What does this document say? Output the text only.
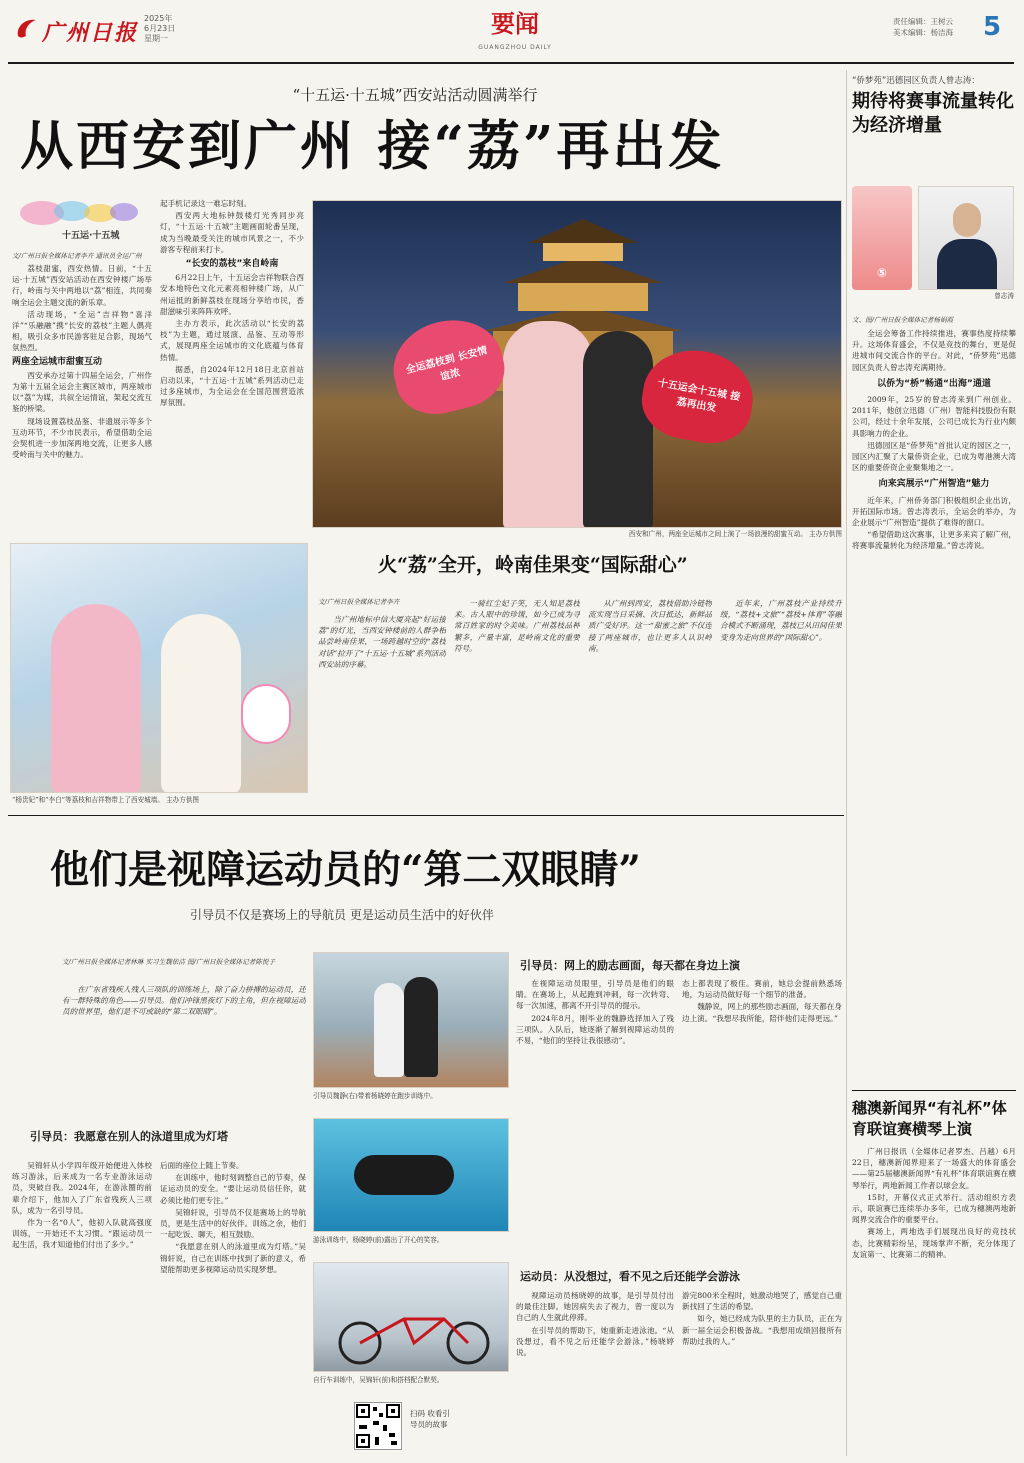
广州日报
2025年
6月23日
星期一
要闻
GUANGZHOU DAILY
责任编辑：王树云
美术编辑：杨洁海 5
“十五运·十五城”西安站活动圆满举行
从西安到广州 接“荔”再出发
十五运·十五城
文/广州日报全媒体记者李卉 通讯员全运广州

荔枝甜蜜，西安热情。日前，“十五运·十五城”西安站活动在西安钟楼广场举行，岭南与关中两地以“荔”相连，共同奏响全运会主题交流的新乐章。

活动现场，“全运”吉祥物“喜洋洋”“乐融融”携“长安的荔枝”主题人偶亮相，吸引众多市民游客驻足合影，现场气氛热烈。

两座全运城市甜蜜互动

西安承办过第十四届全运会，广州作为第十五届全运会主赛区城市，两座城市以“荔”为媒，共叙全运情谊，架起交流互鉴的桥梁。

现场设置荔枝品鉴、非遗展示等多个互动环节，不少市民表示，希望借助全运会契机进一步加深两地交流，让更多人感受岭南与关中的魅力。

起手机记录这一难忘时刻。

西安两大地标钟鼓楼灯光秀同步亮灯，“十五运·十五城”主题画面轮番呈现，成为当晚最受关注的城市风景之一，不少游客专程前来打卡。

“长安的荔枝”来自岭南

6月22日上午，十五运会吉祥物联合西安本地特色文化元素亮相钟楼广场，从广州运抵的新鲜荔枝在现场分享给市民，香甜滋味引来阵阵欢呼。

主办方表示，此次活动以“长安的荔枝”为主题，通过展演、品鉴、互动等形式，展现两座全运城市的文化底蕴与体育热情。

据悉，自2024年12月18日北京首站启动以来，“十五运·十五城”系列活动已走过多座城市，为全运会在全国范围营造浓厚氛围。

全运荔枝到 长安情谊浓
十五运会十五城 接荔再出发
西安和广州，两座全运城市之间上演了一场浪漫的甜蜜互动。 主办方供图
“杨贵妃”和“李白”等荔枝和吉祥物带上了西安城墙。 主办方供图
火“荔”全开，岭南佳果变“国际甜心”
文/广州日报全媒体记者李卉

当广州地标中信大厦亮起“好运接荔”的灯光，当西安钟楼前的人群争相品尝岭南佳果，一场跨越时空的“荔枝对话”拉开了“十五运·十五城”系列活动西安站的序幕。

一骑红尘妃子笑，无人知是荔枝来。古人眼中的珍馐，如今已成为寻常百姓家的时令美味。广州荔枝品种繁多，产量丰富，是岭南文化的重要符号。

从广州到西安，荔枝借助冷链物流实现当日采摘、次日抵达，新鲜品质广受好评。这一“甜蜜之旅”不仅连接了两座城市，也让更多人认识岭南。

近年来，广州荔枝产业持续升级，“荔枝+文旅”“荔枝+体育”等融合模式不断涌现，荔枝已从田间佳果变身为走向世界的“国际甜心”。

他们是视障运动员的“第二双眼睛”
引导员不仅是赛场上的导航员 更是运动员生活中的好伙伴
文/广州日报全媒体记者林琳 实习生魏依洁 图/广州日报全媒体记者陈悦子

在广东省残疾人残人三项队的训练场上，除了奋力拼搏的运动员，还有一群特殊的角色——引导员。他们冲锋黑夜灯下的主角，但在视障运动员的世界里，他们是不可或缺的“第二双眼睛”。

引导员：我愿意在别人的泳道里成为灯塔

吴锦轩从小学四年级开始便进入体校练习游泳，后来成为一名专业游泳运动员，突破自我。2024年，在游泳圈的前辈介绍下，他加入了广东省残疾人三项队，成为一名引导员。

作为一名“0人”，他初入队就高强度训练，一开始还不太习惯。“跟运动员一起生活，我才知道他们付出了多少。”

后面的座位上随上节奏。

在训练中，他时刻调整自己的节奏，保证运动员的安全。“要让运动员信任你，就必须比他们更专注。”

吴锦轩说，引导员不仅是赛场上的导航员，更是生活中的好伙伴。训练之余，他们一起吃饭、聊天，相互鼓励。

“我愿意在别人的泳道里成为灯塔。”吴锦轩说，自己在训练中找到了新的意义，希望能帮助更多视障运动员实现梦想。

引导员魏静(右)带着杨晓婷在跑步训练中。
游泳训练中，杨晓婷(前)露出了开心的笑容。
自行车训练中，吴锦轩(前)和搭档配合默契。
扫码 收看引导员的故事
引导员：网上的励志画面，每天都在身边上演

在视障运动员眼里，引导员是他们的眼睛。在赛场上，从起跑到冲刺，每一次转弯、每一次加速，都离不开引导员的提示。

2024年8月，刚毕业的魏静选择加入了残三项队。入队后，她逐渐了解到视障运动员的不易，“他们的坚持让我很感动”。

态上都表现了极佳。赛前，她总会提前熟悉场地，为运动员做好每一个细节的准备。

魏静说，网上的那些励志画面，每天都在身边上演。“我想尽我所能，陪伴他们走得更远。”

运动员：从没想过，看不见之后还能学会游泳

视障运动员杨晓婷的故事，是引导员付出的最佳注脚。她因病失去了视力，曾一度以为自己的人生就此停滞。

在引导员的帮助下，她重新走进泳池。“从没想过，看不见之后还能学会游泳。”杨晓婷说。

游完800米全程时，她激动地哭了，感觉自己重新找回了生活的希望。

如今，她已经成为队里的主力队员，正在为新一届全运会积极备战。“我想用成绩回报所有帮助过我的人。”

“侨梦苑”迅德园区负责人曾志涛：
期待将赛事流量转化为经济增量
⑤
曾志涛
文、图/广州日报全媒体记者杨娟霞

全运会筹备工作持续推进，赛事热度持续攀升。这场体育盛会，不仅是竞技的舞台，更是促进城市间交流合作的平台。对此，“侨梦苑”迅德园区负责人曾志涛充满期待。

以侨为“桥”畅通“出海”通道

2009年，25岁的曾志涛来到广州创业。2011年，他创立迅德（广州）智能科技股份有限公司，经过十余年发展，公司已成长为行业内颇具影响力的企业。

迅德园区是“侨梦苑”首批认定的园区之一，园区内汇聚了大量侨资企业，已成为粤港澳大湾区的重要侨资企业聚集地之一。

向来宾展示“广州智造”魅力

近年来，广州侨务部门积极组织企业出访，开拓国际市场。曾志涛表示，全运会的举办，为企业展示“广州智造”提供了难得的窗口。

“希望借助这次赛事，让更多来宾了解广州，将赛事流量转化为经济增量。”曾志涛说。

穗澳新闻界“有礼杯”体育联谊赛横琴上演

广州日报讯（全媒体记者罗杰、吕越）6月22日，穗澳新闻界迎来了一场盛大的体育盛会——第25届穗澳新闻界“有礼杯”体育联谊赛在横琴举行，两地新闻工作者以球会友。

15时，开幕仪式正式举行。活动组织方表示，联谊赛已连续举办多年，已成为穗澳两地新闻界交流合作的重要平台。

赛场上，两地选手们展现出良好的竞技状态，比赛精彩纷呈，现场掌声不断，充分体现了友谊第一、比赛第二的精神。
